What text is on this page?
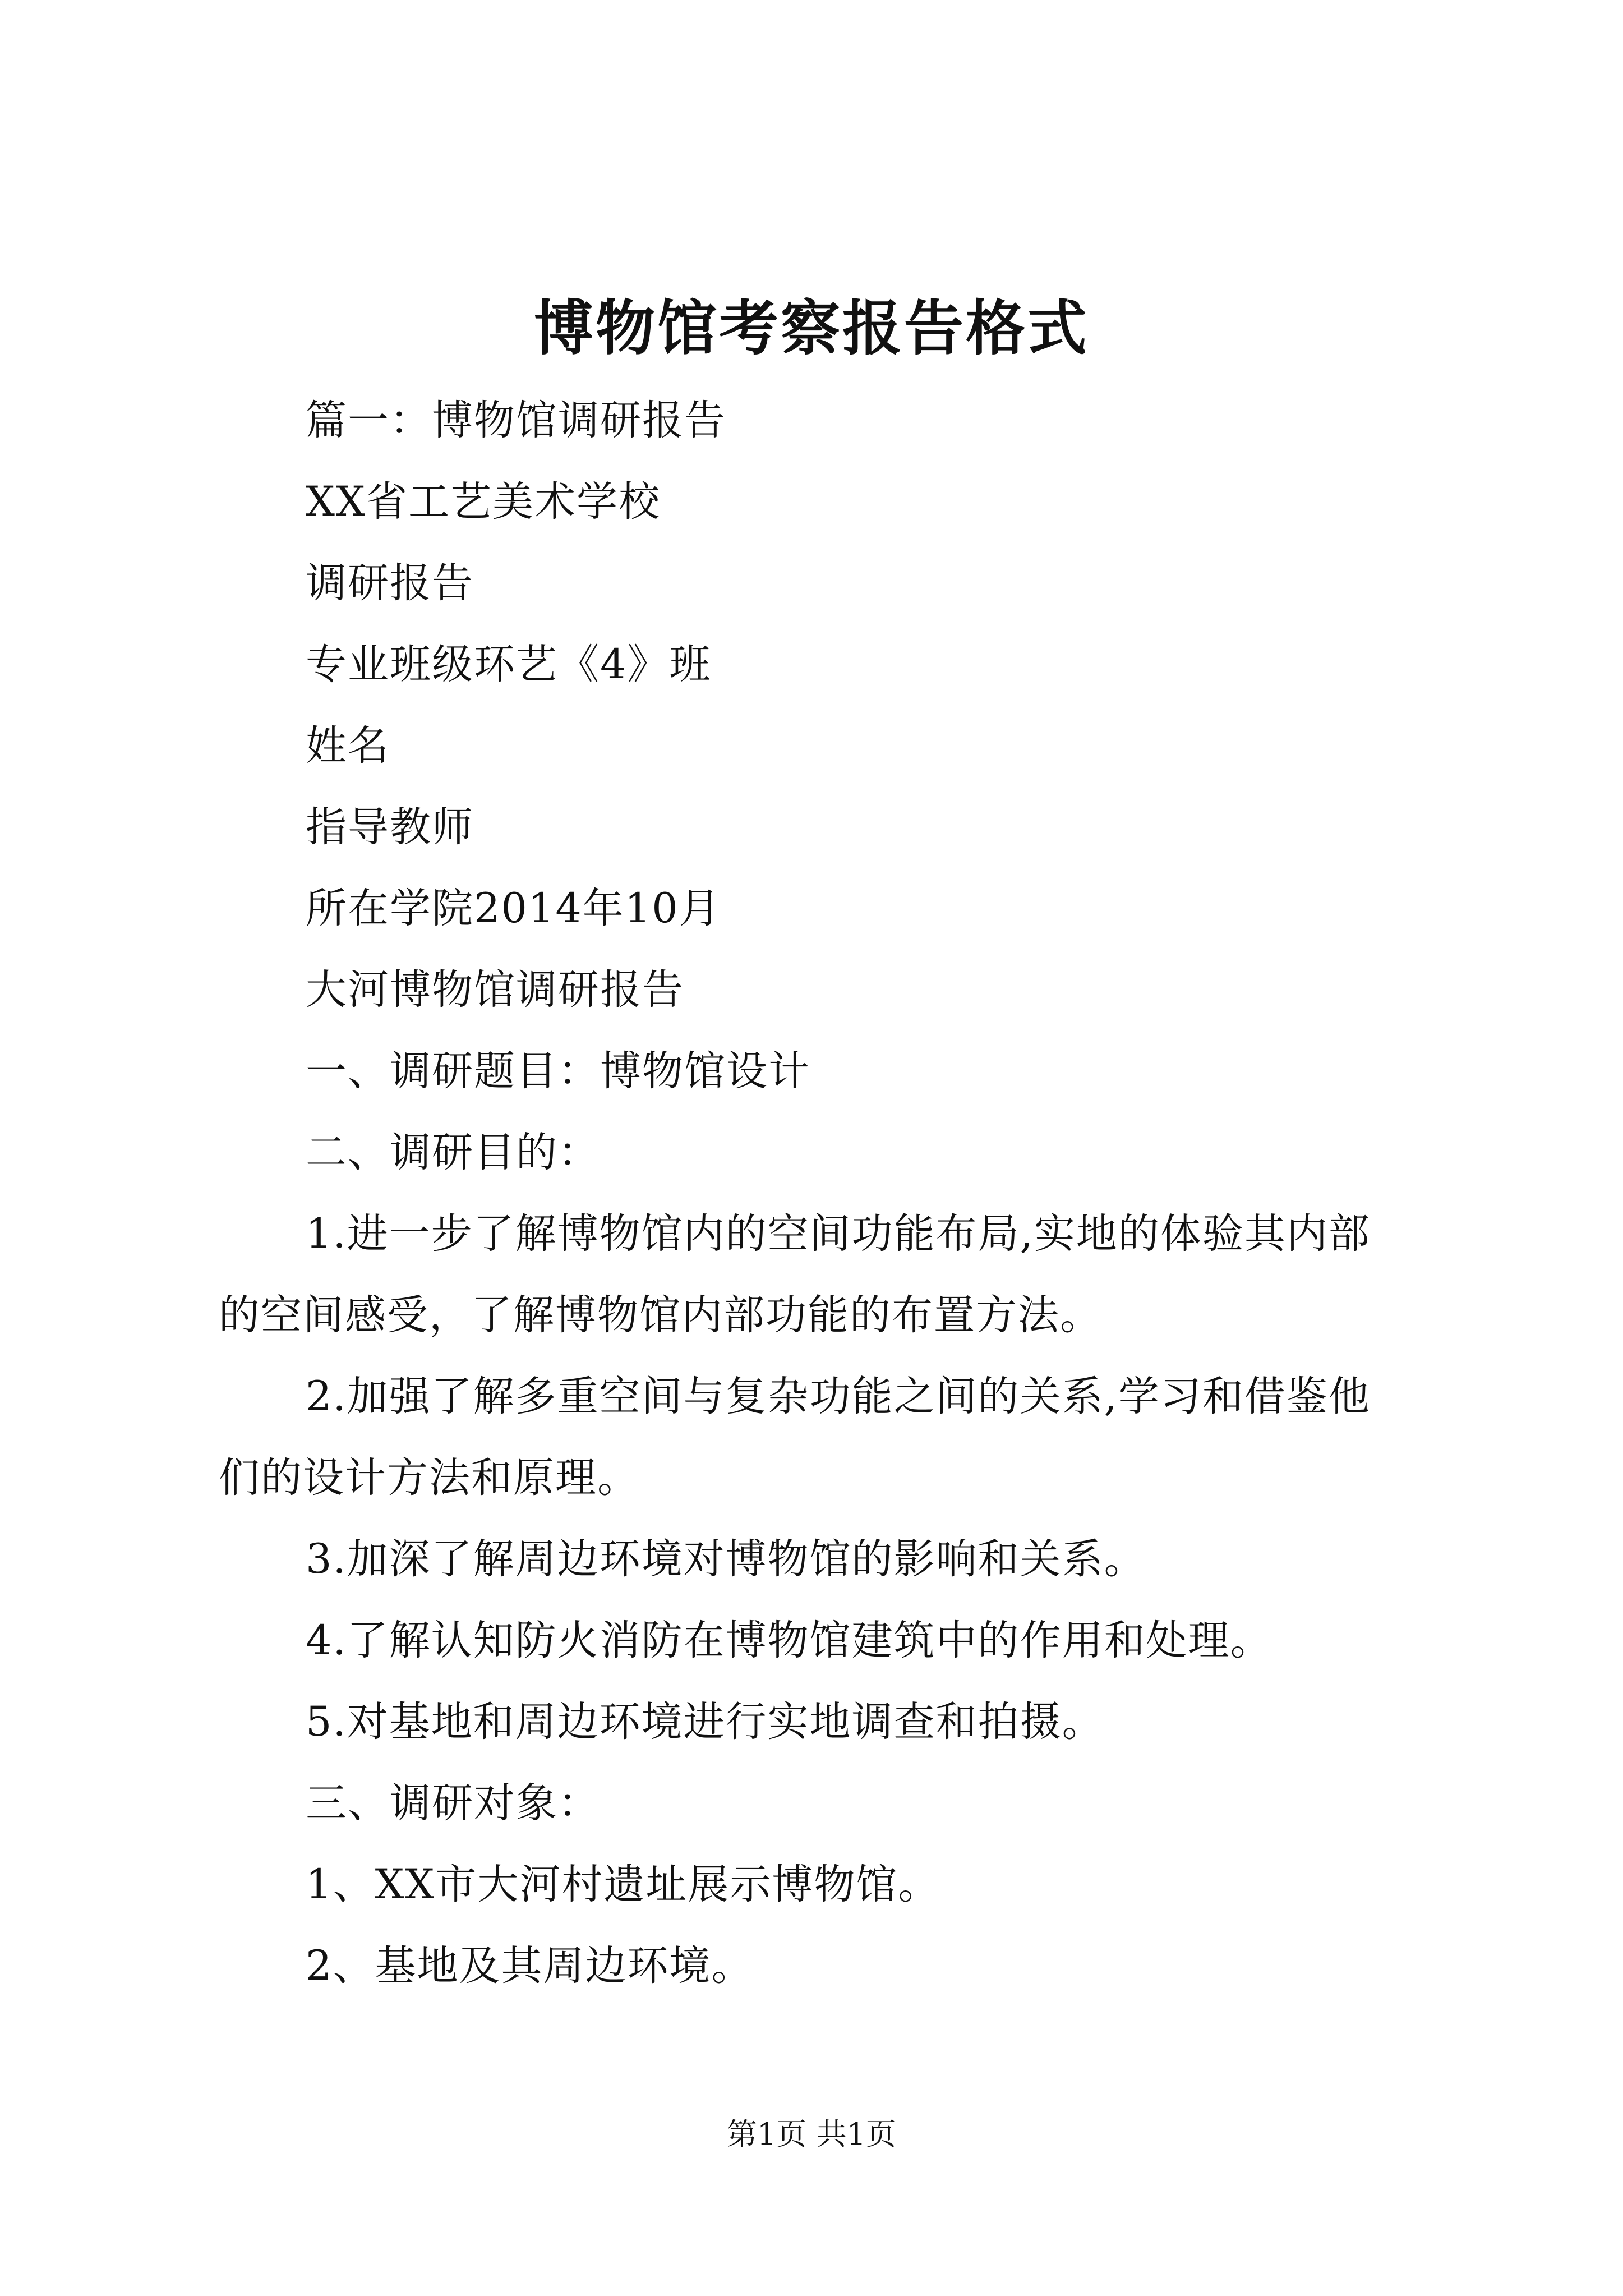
博物馆考察报告格式
篇一：博物馆调研报告
XX省工艺美术学校
调研报告
专业班级环艺《4》班
姓名
指导教师
所在学院2014年10月
大河博物馆调研报告
一、调研题目：博物馆设计
二、调研目的：
1.进一步了解博物馆内的空间功能布局,实地的体验其内部
的空间感受，了解博物馆内部功能的布置方法。
2.加强了解多重空间与复杂功能之间的关系,学习和借鉴他
们的设计方法和原理。
3.加深了解周边环境对博物馆的影响和关系。
4.了解认知防火消防在博物馆建筑中的作用和处理。
5.对基地和周边环境进行实地调查和拍摄。
三、调研对象：
1、XX市大河村遗址展示博物馆。
2、基地及其周边环境。
第1页 共1页
